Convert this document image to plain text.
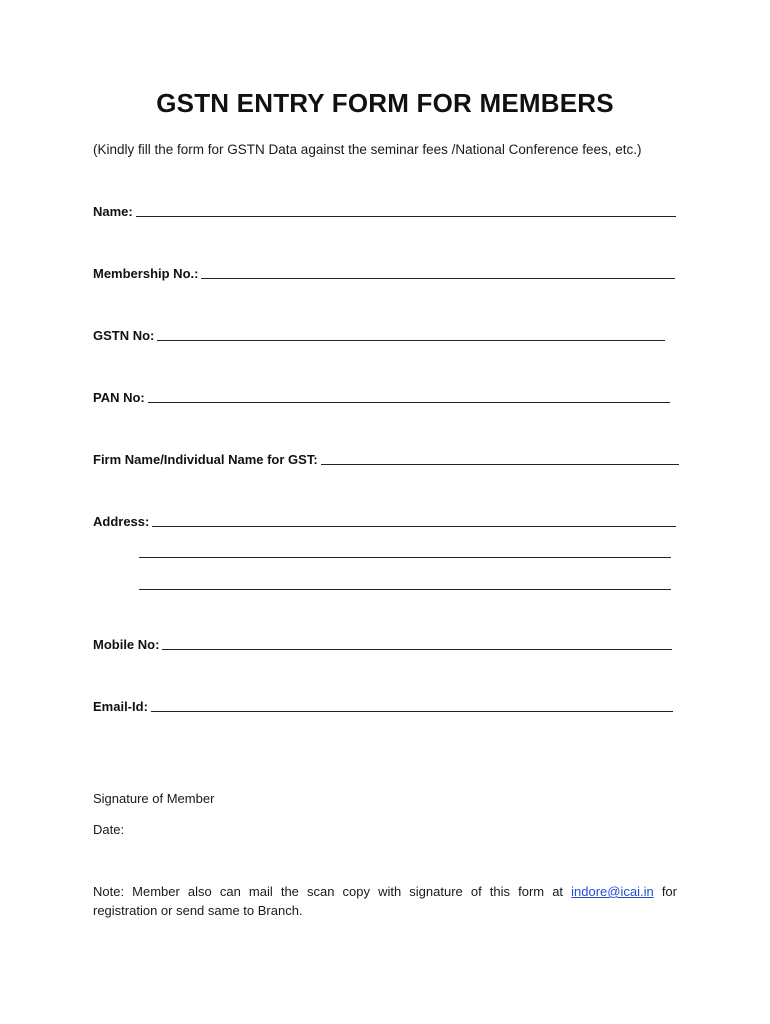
GSTN ENTRY FORM FOR MEMBERS
(Kindly fill the form for GSTN Data against the seminar fees /National Conference fees, etc.)
Name:
Membership No.:
GSTN No:
PAN No:
Firm Name/Individual Name for GST:
Address:
Mobile No:
Email-Id:
Signature of Member
Date:
Note: Member also can mail the scan copy with signature of this form at indore@icai.in for registration or send same to Branch.
